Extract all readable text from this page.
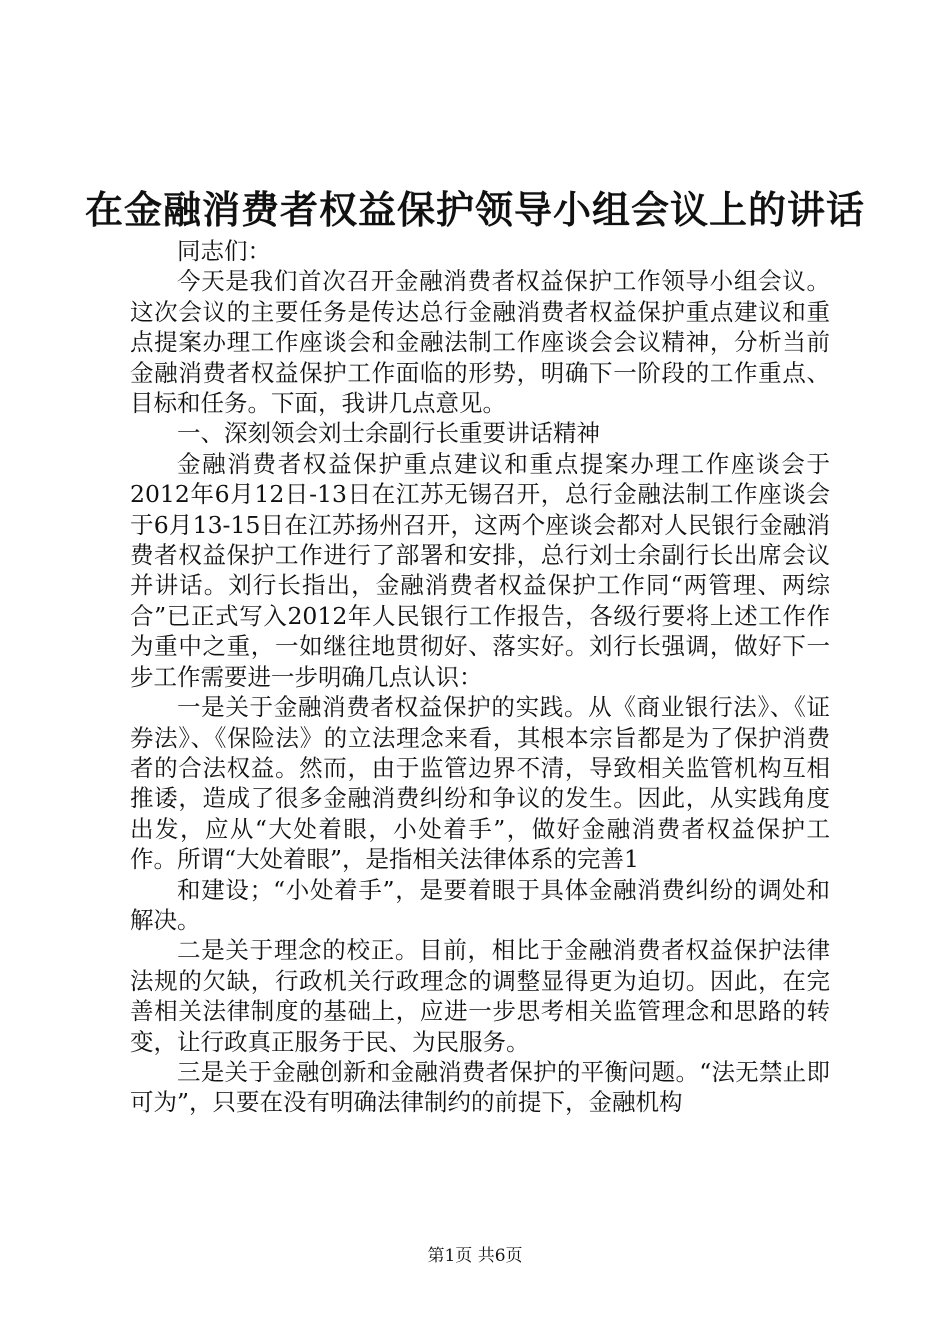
在金融消费者权益保护领导小组会议上的讲话

同志们：

今天是我们首次召开金融消费者权益保护工作领导小组会议。这次会议的主要任务是传达总行金融消费者权益保护重点建议和重点提案办理工作座谈会和金融法制工作座谈会会议精神，分析当前金融消费者权益保护工作面临的形势，明确下一阶段的工作重点、目标和任务。下面，我讲几点意见。

一、深刻领会刘士余副行长重要讲话精神

金融消费者权益保护重点建议和重点提案办理工作座谈会于2012年6月12日-13日在江苏无锡召开，总行金融法制工作座谈会于6月13-15日在江苏扬州召开，这两个座谈会都对人民银行金融消费者权益保护工作进行了部署和安排，总行刘士余副行长出席会议并讲话。刘行长指出，金融消费者权益保护工作同“两管理、两综合”已正式写入2012年人民银行工作报告，各级行要将上述工作作为重中之重，一如继往地贯彻好、落实好。刘行长强调，做好下一步工作需要进一步明确几点认识：

一是关于金融消费者权益保护的实践。从《商业银行法》、《证券法》、《保险法》的立法理念来看，其根本宗旨都是为了保护消费者的合法权益。然而，由于监管边界不清，导致相关监管机构互相推诿，造成了很多金融消费纠纷和争议的发生。因此，从实践角度出发，应从“大处着眼，小处着手”，做好金融消费者权益保护工作。所谓“大处着眼”，是指相关法律体系的完善1

和建设；“小处着手”，是要着眼于具体金融消费纠纷的调处和解决。

二是关于理念的校正。目前，相比于金融消费者权益保护法律法规的欠缺，行政机关行政理念的调整显得更为迫切。因此，在完善相关法律制度的基础上，应进一步思考相关监管理念和思路的转变，让行政真正服务于民、为民服务。

三是关于金融创新和金融消费者保护的平衡问题。“法无禁止即可为”，只要在没有明确法律制约的前提下，金融机构

第1页 共6页
